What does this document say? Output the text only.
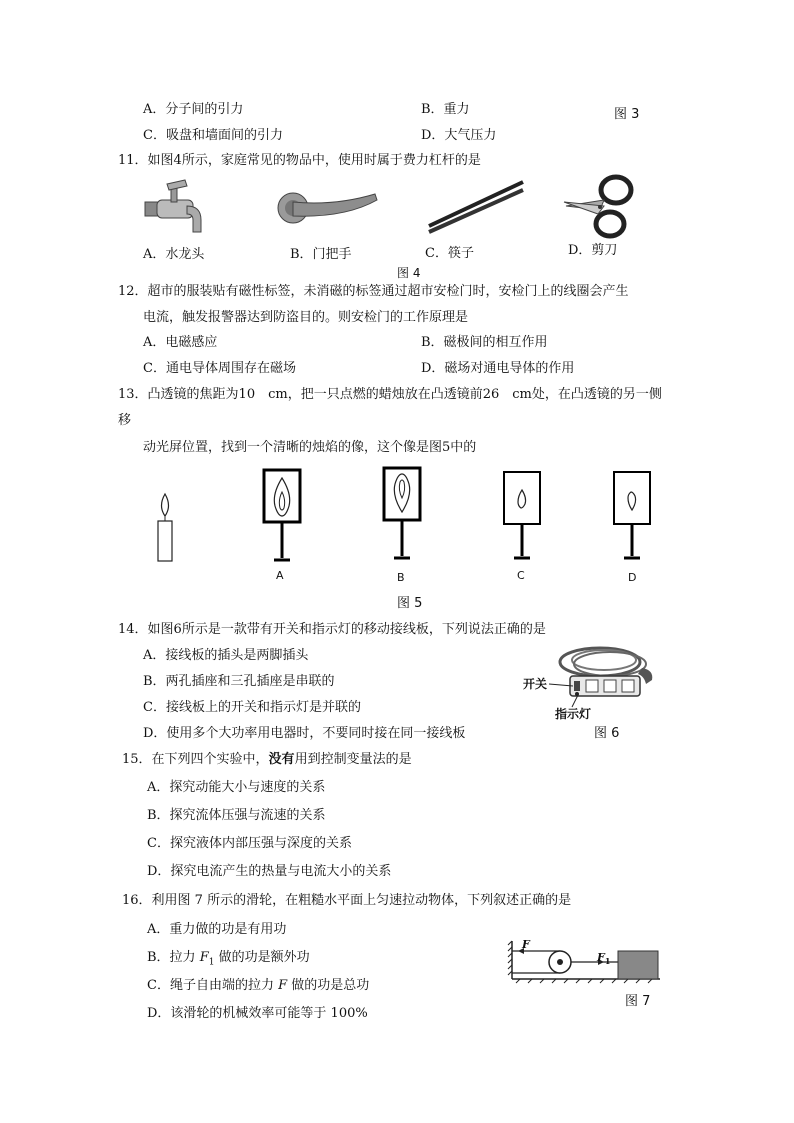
A．分子间的引力	B．重力	图 3
C．吸盘和墙面间的引力	D．大气压力
11．如图4所示，家庭常见的物品中，使用时属于费力杠杆的是
A．水龙头	B．门把手	C．筷子	D．剪刀
图 4
12．超市的服装贴有磁性标签，未消磁的标签通过超市安检门时，安检门上的线圈会产生
电流，触发报警器达到防盗目的。则安检门的工作原理是
A．电磁感应	B．磁极间的相互作用
C．通电导体周围存在磁场	D．磁场对通电导体的作用
13．凸透镜的焦距为10　cm，把一只点燃的蜡烛放在凸透镜前26　cm处，在凸透镜的另一侧
移
动光屏位置，找到一个清晰的烛焰的像，这个像是图5中的
A	B	C	D
图 5
14．如图6所示是一款带有开关和指示灯的移动接线板，下列说法正确的是
A．接线板的插头是两脚插头
B．两孔插座和三孔插座是串联的
C．接线板上的开关和指示灯是并联的
D．使用多个大功率用电器时，不要同时接在同一接线板
开关
指示灯
图 6
15．在下列四个实验中，没有用到控制变量法的是
A．探究动能大小与速度的关系
B．探究流体压强与流速的关系
C．探究液体内部压强与深度的关系
D．探究电流产生的热量与电流大小的关系
16．利用图 7 所示的滑轮，在粗糙水平面上匀速拉动物体，下列叙述正确的是
A．重力做的功是有用功
B．拉力 $F_1$ 做的功是额外功
C．绳子自由端的拉力 F 做的功是总功
D．该滑轮的机械效率可能等于 100%
F
$F_1$
图 7
